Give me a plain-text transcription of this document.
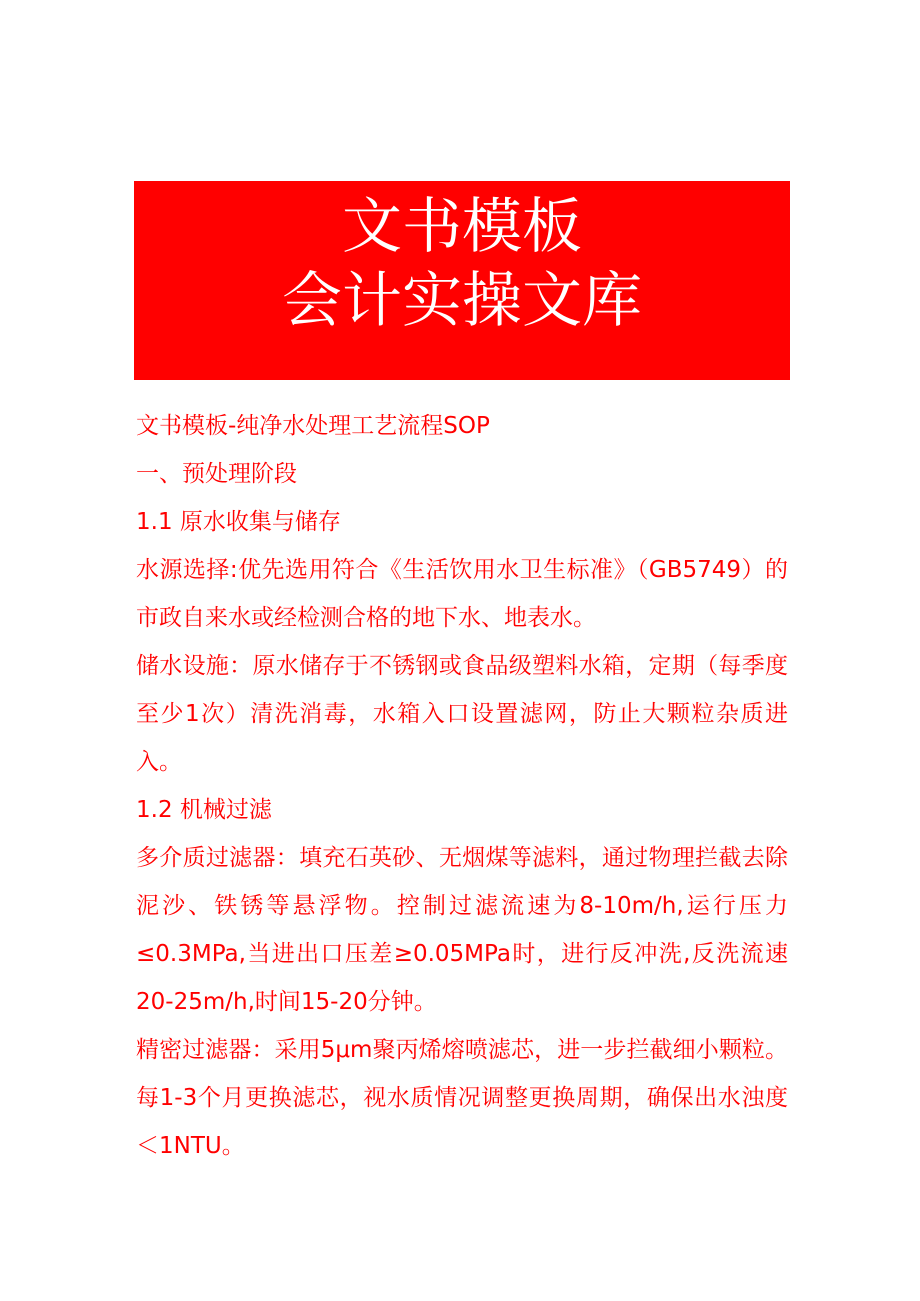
文书模板
会计实操文库

文书模板-纯净水处理工艺流程SOP

一、预处理阶段

1.1 原水收集与储存

水源选择:优先选用符合《生活饮用水卫生标准》（GB5749）的市政自来水或经检测合格的地下水、地表水。

储水设施：原水储存于不锈钢或食品级塑料水箱，定期（每季度至少1次）清洗消毒，水箱入口设置滤网，防止大颗粒杂质进入。

1.2 机械过滤

多介质过滤器：填充石英砂、无烟煤等滤料，通过物理拦截去除泥沙、铁锈等悬浮物。控制过滤流速为8-10m/h,运行压力≤0.3MPa,当进出口压差≥0.05MPa时，进行反冲洗,反洗流速20-25m/h,时间15-20分钟。

精密过滤器：采用5μm聚丙烯熔喷滤芯，进一步拦截细小颗粒。每1-3个月更换滤芯，视水质情况调整更换周期，确保出水浊度＜1NTU。
